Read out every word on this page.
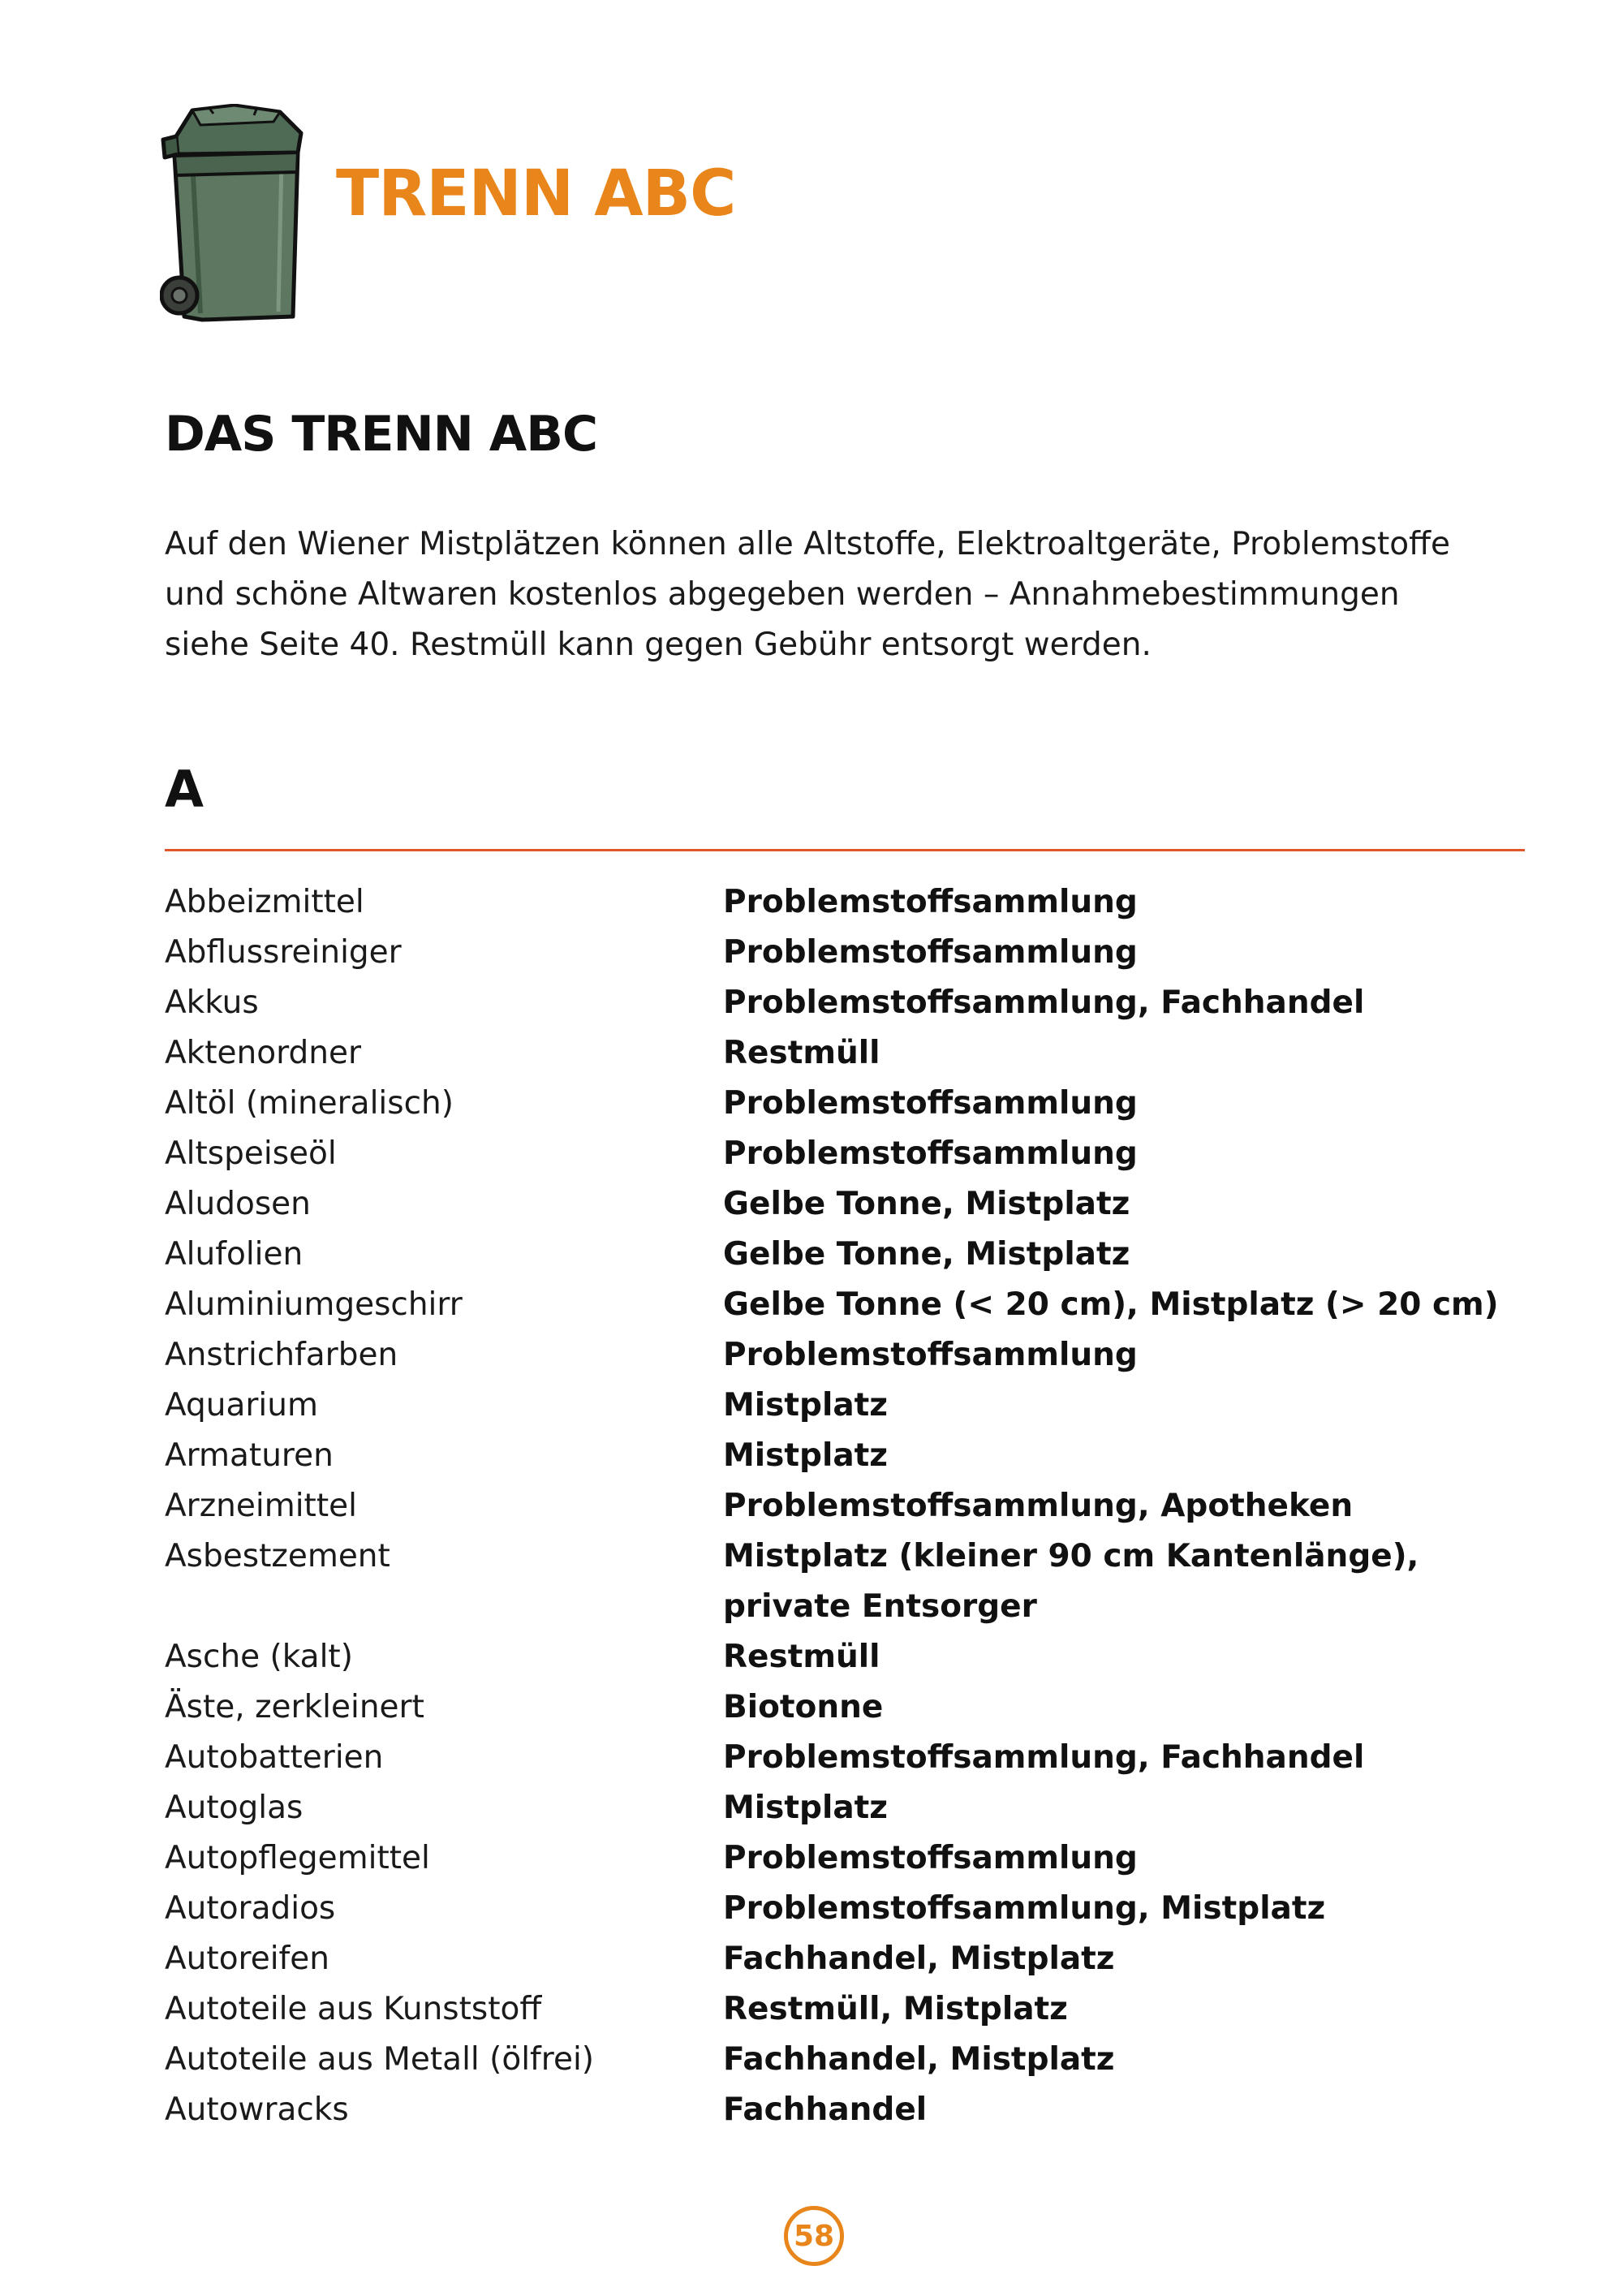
TRENN ABC
DAS TRENN ABC

Auf den Wiener Mistplätzen können alle Altstoffe, Elektroaltgeräte, Problemstoffe

und schöne Altwaren kostenlos abgegeben werden – Annahmebestimmungen

siehe Seite 40. Restmüll kann gegen Gebühr entsorgt werden.

A
Abbeizmittel	Problemstoffsammlung
Abflussreiniger	Problemstoffsammlung
Akkus	Problemstoffsammlung, Fachhandel
Aktenordner	Restmüll
Altöl (mineralisch)	Problemstoffsammlung
Altspeiseöl	Problemstoffsammlung
Aludosen	Gelbe Tonne, Mistplatz
Alufolien	Gelbe Tonne, Mistplatz
Aluminiumgeschirr	Gelbe Tonne (< 20 cm), Mistplatz (> 20 cm)
Anstrichfarben	Problemstoffsammlung
Aquarium	Mistplatz
Armaturen	Mistplatz
Arzneimittel	Problemstoffsammlung, Apotheken
Asbestzement	Mistplatz (kleiner 90 cm Kantenlänge),
private Entsorger
Asche (kalt)	Restmüll
Äste, zerkleinert	Biotonne
Autobatterien	Problemstoffsammlung, Fachhandel
Autoglas	Mistplatz
Autopflegemittel	Problemstoffsammlung
Autoradios	Problemstoffsammlung, Mistplatz
Autoreifen	Fachhandel, Mistplatz
Autoteile aus Kunststoff	Restmüll, Mistplatz
Autoteile aus Metall (ölfrei)	Fachhandel, Mistplatz
Autowracks	Fachhandel
58
